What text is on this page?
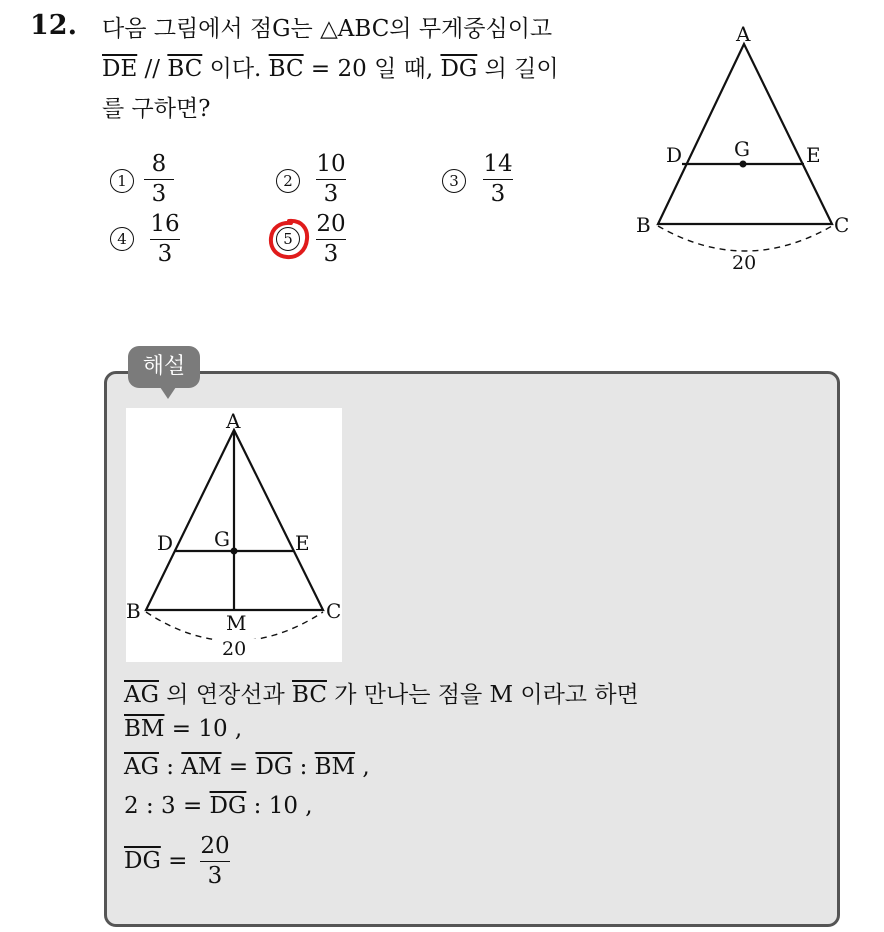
12. 다음 그림에서 점G는 △ABC의 무게중심이고
$\overline{DE} // \overline{BC}$ 이다. $\overline{BC} = 20$ 일 때, $\overline{DG}$ 의 길이
를 구하면?
1
8
3	2
10
3	3
14
3
4
16
3
5
20
3
A
D	G	E
B	C
20
해설
A
D G	E
B	C
M
20
$\overline{AG}$ 의 연장선과 $\overline{BC}$ 가 만나는 점을 M 이라고 하면
$\overline{BM} = 10$ ,
$\overline{AG}$ : $\overline{AM} = \overline{DG}$ : $\overline{BM}$ ,
2 : $3 = \overline{DG}$ : 10 ,
$\overline{DG}$ =
20
3
